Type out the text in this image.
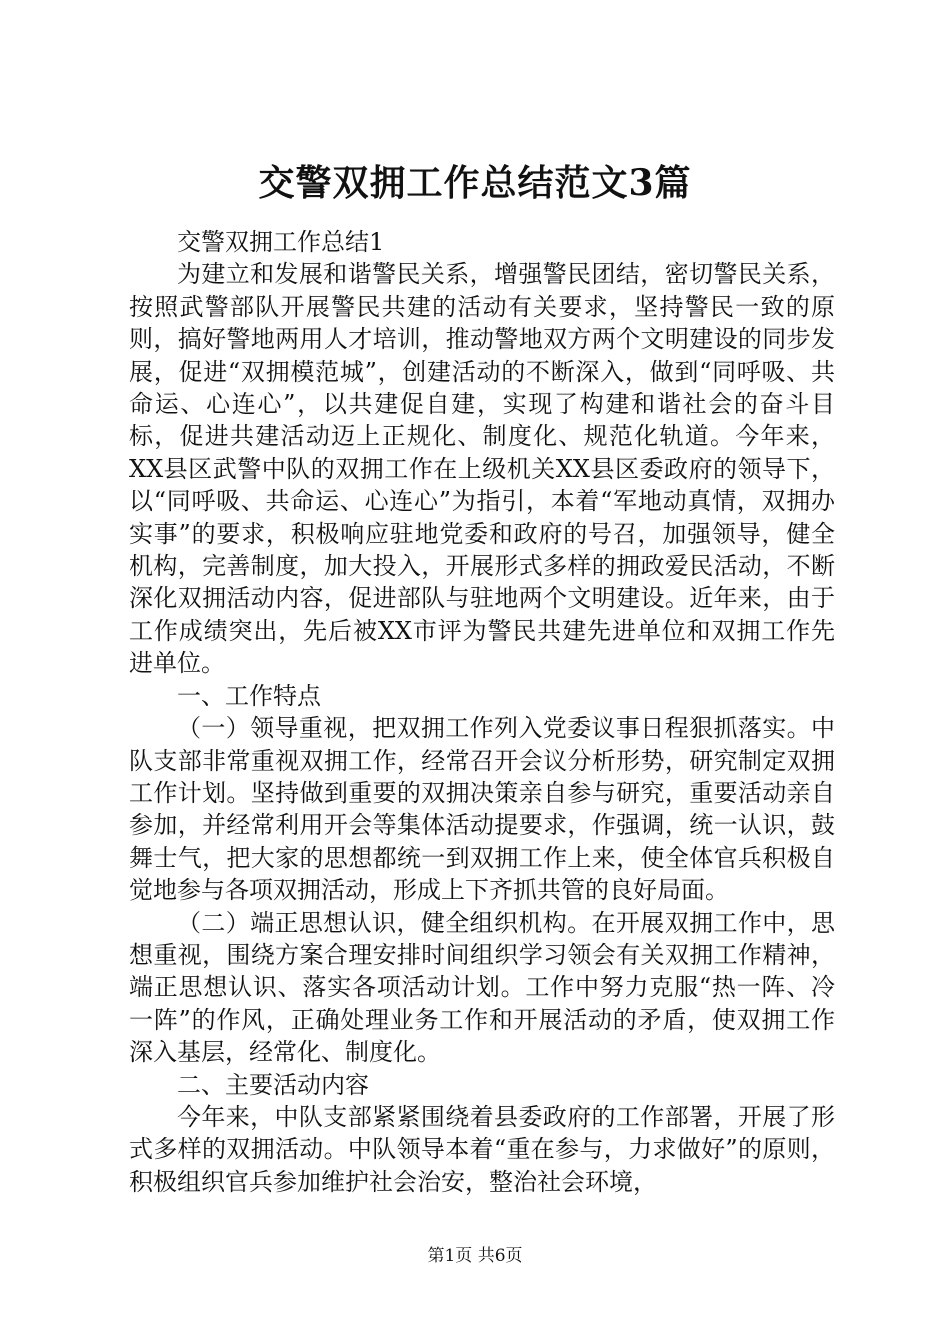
交警双拥工作总结范文3篇

交警双拥工作总结1

为建立和发展和谐警民关系，增强警民团结，密切警民关系，按照武警部队开展警民共建的活动有关要求，坚持警民一致的原则，搞好警地两用人才培训，推动警地双方两个文明建设的同步发展，促进“双拥模范城”，创建活动的不断深入，做到“同呼吸、共命运、心连心”，以共建促自建，实现了构建和谐社会的奋斗目标，促进共建活动迈上正规化、制度化、规范化轨道。今年来，XX县区武警中队的双拥工作在上级机关XX县区委政府的领导下，以“同呼吸、共命运、心连心”为指引，本着“军地动真情，双拥办实事”的要求，积极响应驻地党委和政府的号召，加强领导，健全机构，完善制度，加大投入，开展形式多样的拥政爱民活动，不断深化双拥活动内容，促进部队与驻地两个文明建设。近年来，由于工作成绩突出，先后被XX市评为警民共建先进单位和双拥工作先进单位。

一、工作特点

（一）领导重视，把双拥工作列入党委议事日程狠抓落实。中队支部非常重视双拥工作，经常召开会议分析形势，研究制定双拥工作计划。坚持做到重要的双拥决策亲自参与研究，重要活动亲自参加，并经常利用开会等集体活动提要求，作强调，统一认识，鼓舞士气，把大家的思想都统一到双拥工作上来，使全体官兵积极自觉地参与各项双拥活动，形成上下齐抓共管的良好局面。

（二）端正思想认识，健全组织机构。在开展双拥工作中，思想重视，围绕方案合理安排时间组织学习领会有关双拥工作精神，端正思想认识、落实各项活动计划。工作中努力克服“热一阵、冷一阵”的作风，正确处理业务工作和开展活动的矛盾，使双拥工作深入基层，经常化、制度化。

二、主要活动内容

今年来，中队支部紧紧围绕着县委政府的工作部署，开展了形式多样的双拥活动。中队领导本着“重在参与，力求做好”的原则，积极组织官兵参加维护社会治安，整治社会环境，

第1页 共6页
